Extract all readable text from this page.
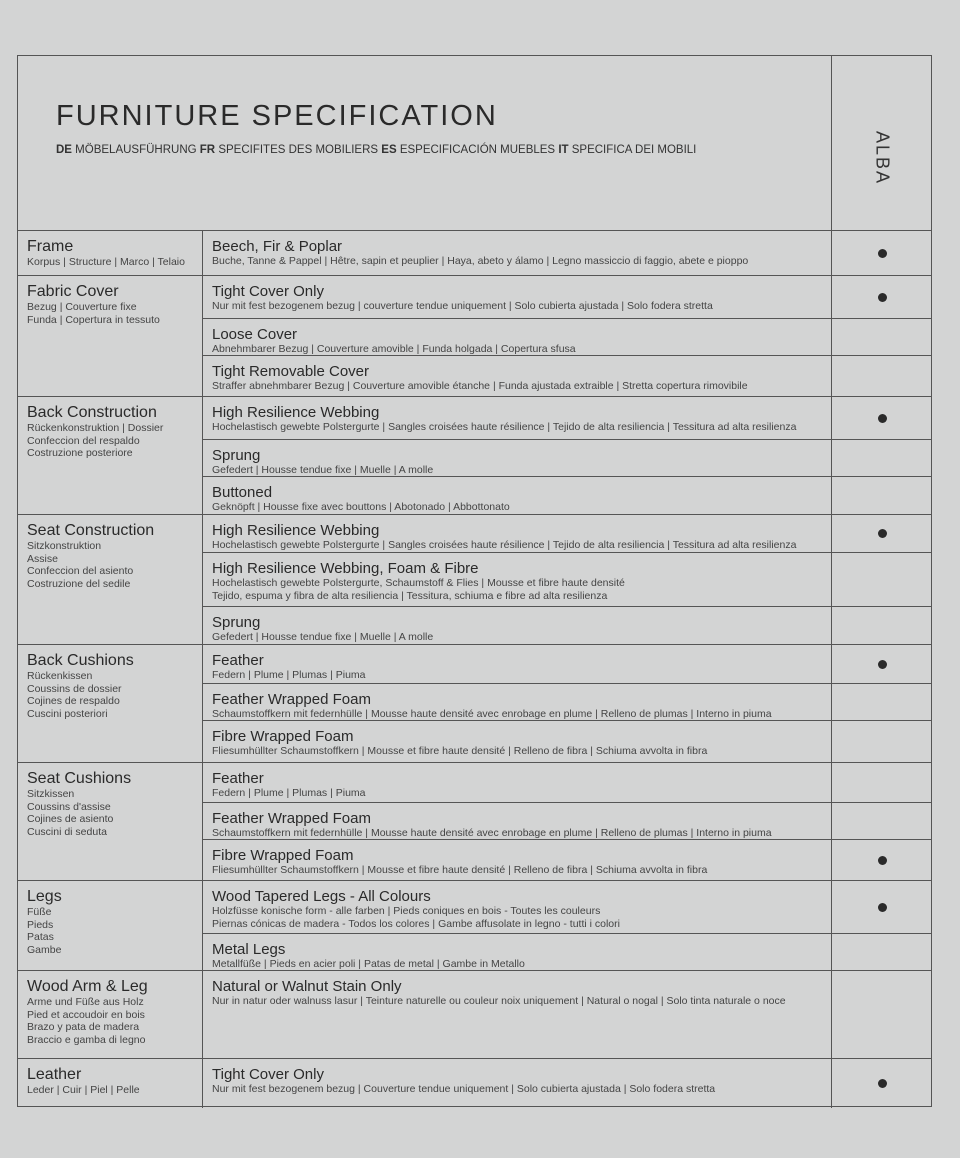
FURNITURE SPECIFICATION
DE MÖBELAUSFÜHRUNG FR SPECIFITES DES MOBILIERS ES ESPECIFICACIÓN MUEBLES IT SPECIFICA DEI MOBILI	ALBA
Frame
Korpus | Structure | Marco | Telaio
Beech, Fir & Poplar
Buche, Tanne & Pappel | Hêtre, sapin et peuplier | Haya, abeto y álamo | Legno massiccio di faggio, abete e pioppo
Fabric Cover
Bezug | Couverture fixe
Funda | Copertura in tessuto
Tight Cover Only
Nur mit fest bezogenem bezug | couverture tendue uniquement | Solo cubierta ajustada | Solo fodera stretta
Loose Cover
Abnehmbarer Bezug | Couverture amovible | Funda holgada | Copertura sfusa
Tight Removable Cover
Straffer abnehmbarer Bezug | Couverture amovible étanche | Funda ajustada extraible | Stretta copertura rimovibile
Back Construction
Rückenkonstruktion | Dossier
Confeccion del respaldo
Costruzione posteriore
High Resilience Webbing
Hochelastisch gewebte Polstergurte | Sangles croisées haute résilience | Tejido de alta resiliencia | Tessitura ad alta resilienza
Sprung
Gefedert | Housse tendue fixe | Muelle | A molle
Buttoned
Geknöpft | Housse fixe avec bouttons | Abotonado | Abbottonato
Seat Construction
Sitzkonstruktion
Assise
Confeccion del asiento
Costruzione del sedile
High Resilience Webbing
Hochelastisch gewebte Polstergurte | Sangles croisées haute résilience | Tejido de alta resiliencia | Tessitura ad alta resilienza
High Resilience Webbing, Foam & Fibre
Hochelastisch gewebte Polstergurte, Schaumstoff & Flies | Mousse et fibre haute densité
Tejido, espuma y fibra de alta resiliencia | Tessitura, schiuma e fibre ad alta resilienza
Sprung
Gefedert | Housse tendue fixe | Muelle | A molle
Back Cushions
Rückenkissen
Coussins de dossier
Cojines de respaldo
Cuscini posteriori
Feather
Federn | Plume | Plumas | Piuma
Feather Wrapped Foam
Schaumstoffkern mit federnhülle | Mousse haute densité avec enrobage en plume | Relleno de plumas | Interno in piuma
Fibre Wrapped Foam
Fliesumhüllter Schaumstoffkern | Mousse et fibre haute densité | Relleno de fibra | Schiuma avvolta in fibra
Seat Cushions
Sitzkissen
Coussins d'assise
Cojines de asiento
Cuscini di seduta
Feather
Federn | Plume | Plumas | Piuma
Feather Wrapped Foam
Schaumstoffkern mit federnhülle | Mousse haute densité avec enrobage en plume | Relleno de plumas | Interno in piuma
Fibre Wrapped Foam
Fliesumhüllter Schaumstoffkern | Mousse et fibre haute densité | Relleno de fibra | Schiuma avvolta in fibra
Legs
Füße
Pieds
Patas
Gambe
Wood Tapered Legs - All Colours
Holzfüsse konische form - alle farben | Pieds coniques en bois - Toutes les couleurs
Piernas cónicas de madera - Todos los colores | Gambe affusolate in legno - tutti i colori
Metal Legs
Metallfüße | Pieds en acier poli | Patas de metal | Gambe in Metallo
Wood Arm & Leg
Arme und Füße aus Holz
Pied et accoudoir en bois
Brazo y pata de madera
Braccio e gamba di legno
Natural or Walnut Stain Only
Nur in natur oder walnuss lasur | Teinture naturelle ou couleur noix uniquement | Natural o nogal | Solo tinta naturale o noce
Leather
Leder | Cuir | Piel | Pelle
Tight Cover Only
Nur mit fest bezogenem bezug | Couverture tendue uniquement | Solo cubierta ajustada | Solo fodera stretta
